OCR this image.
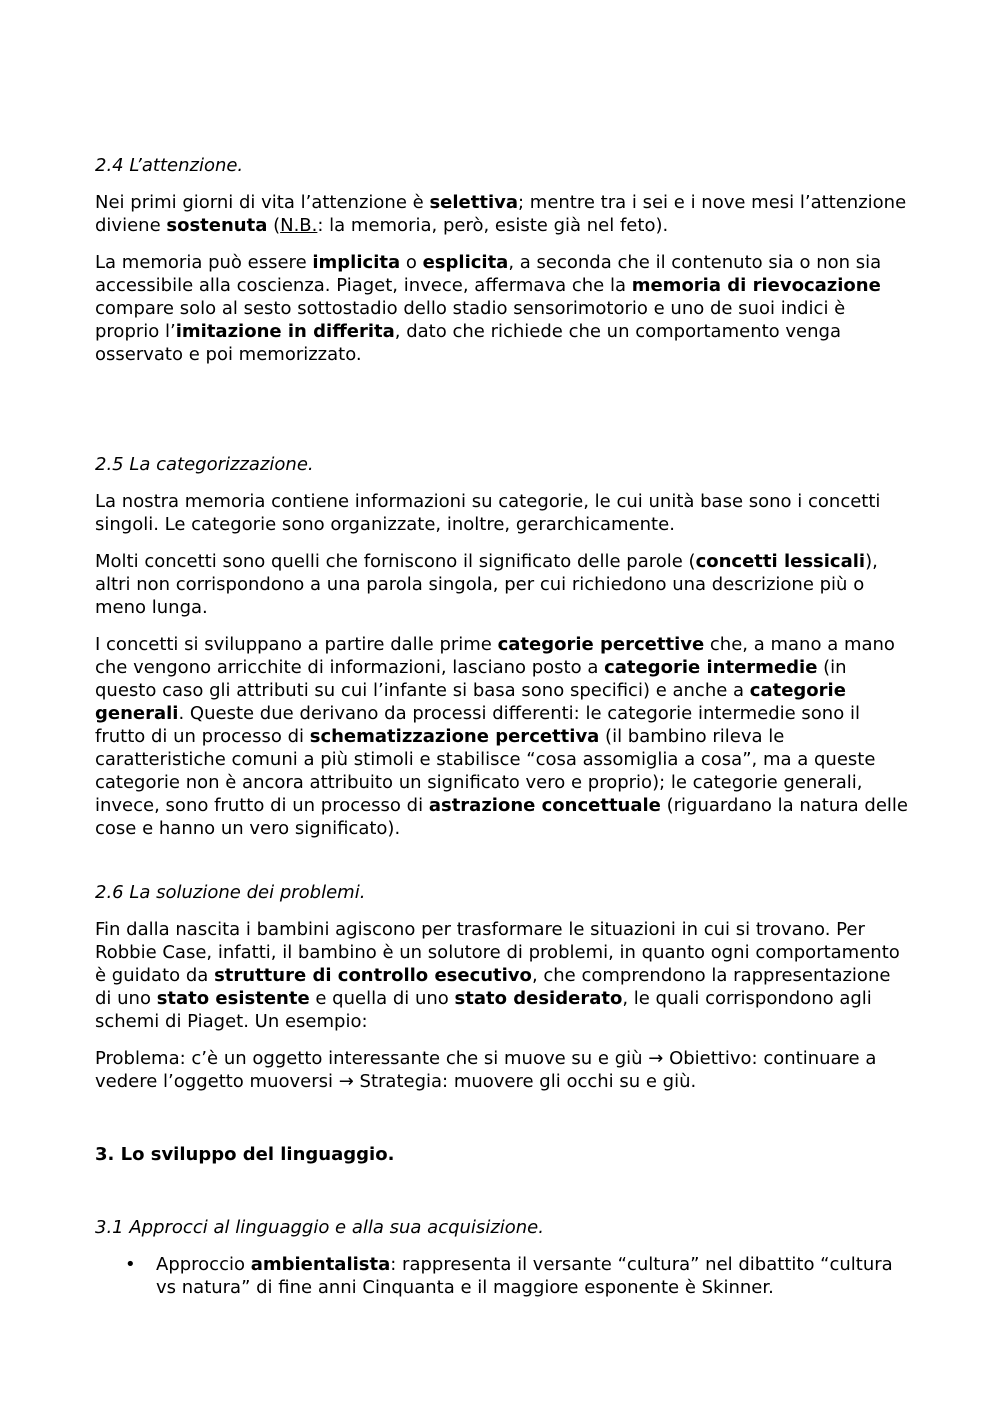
2.4 L’attenzione.

Nei primi giorni di vita l’attenzione è selettiva; mentre tra i sei e i nove mesi l’attenzione diviene sostenuta (N.B.: la memoria, però, esiste già nel feto).

La memoria può essere implicita o esplicita, a seconda che il contenuto sia o non sia accessibile alla coscienza. Piaget, invece, affermava che la memoria di rievocazione compare solo al sesto sottostadio dello stadio sensorimotorio e uno de suoi indici è proprio l’imitazione in differita, dato che richiede che un comportamento venga osservato e poi memorizzato.

2.5 La categorizzazione.

La nostra memoria contiene informazioni su categorie, le cui unità base sono i concetti singoli. Le categorie sono organizzate, inoltre, gerarchicamente.

Molti concetti sono quelli che forniscono il significato delle parole (concetti lessicali), altri non corrispondono a una parola singola, per cui richiedono una descrizione più o meno lunga.

I concetti si sviluppano a partire dalle prime categorie percettive che, a mano a mano che vengono arricchite di informazioni, lasciano posto a categorie intermedie (in questo caso gli attributi su cui l’infante si basa sono specifici) e anche a categorie generali. Queste due derivano da processi differenti: le categorie intermedie sono il frutto di un processo di schematizzazione percettiva (il bambino rileva le caratteristiche comuni a più stimoli e stabilisce “cosa assomiglia a cosa”, ma a queste categorie non è ancora attribuito un significato vero e proprio); le categorie generali, invece, sono frutto di un processo di astrazione concettuale (riguardano la natura delle cose e hanno un vero significato).

2.6 La soluzione dei problemi.

Fin dalla nascita i bambini agiscono per trasformare le situazioni in cui si trovano. Per Robbie Case, infatti, il bambino è un solutore di problemi, in quanto ogni comportamento è guidato da strutture di controllo esecutivo, che comprendono la rappresentazione di uno stato esistente e quella di uno stato desiderato, le quali corrispondono agli schemi di Piaget. Un esempio:

Problema: c’è un oggetto interessante che si muove su e giù → Obiettivo: continuare a vedere l’oggetto muoversi → Strategia: muovere gli occhi su e giù.

3. Lo sviluppo del linguaggio.

3.1 Approcci al linguaggio e alla sua acquisizione.

• Approccio ambientalista: rappresenta il versante “cultura” nel dibattito “cultura vs natura” di fine anni Cinquanta e il maggiore esponente è Skinner.
